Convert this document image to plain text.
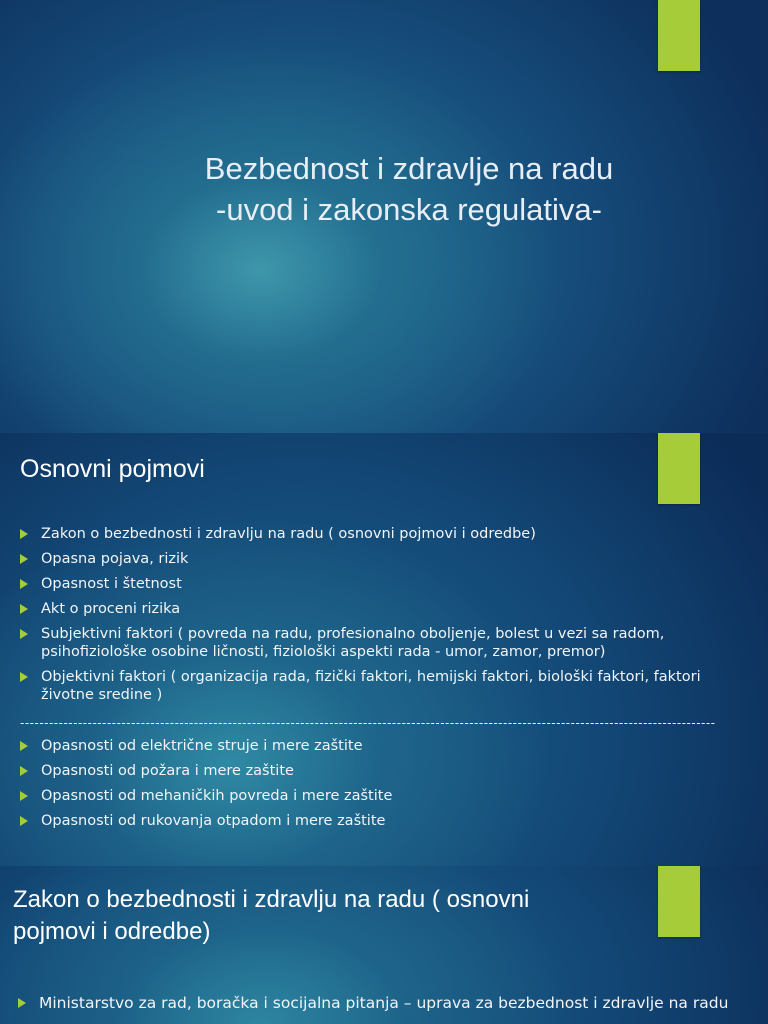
Bezbednost i zdravlje na radu
-uvod i zakonska regulativa-
Osnovni pojmovi
Zakon o bezbednosti i zdravlju na radu ( osnovni pojmovi i odredbe)
Opasna pojava, rizik
Opasnost i štetnost
Akt o proceni rizika
Subjektivni faktori ( povreda na radu, profesionalno oboljenje, bolest u vezi sa radom, psihofiziološke osobine ličnosti, fiziološki aspekti rada - umor, zamor, premor)
Objektivni faktori ( organizacija rada, fizički faktori, hemijski faktori, biološki faktori, faktori životne sredine )
------------------------------------------------------------------------------------------------------------------------------------------------
Opasnosti od električne struje i mere zaštite
Opasnosti od požara i mere zaštite
Opasnosti od mehaničkih povreda i mere zaštite
Opasnosti od rukovanja otpadom i mere zaštite
Zakon o bezbednosti i zdravlju na radu ( osnovni
pojmovi i odredbe)
Ministarstvo za rad, boračka i socijalna pitanja – uprava za bezbednost i zdravlje na radu
